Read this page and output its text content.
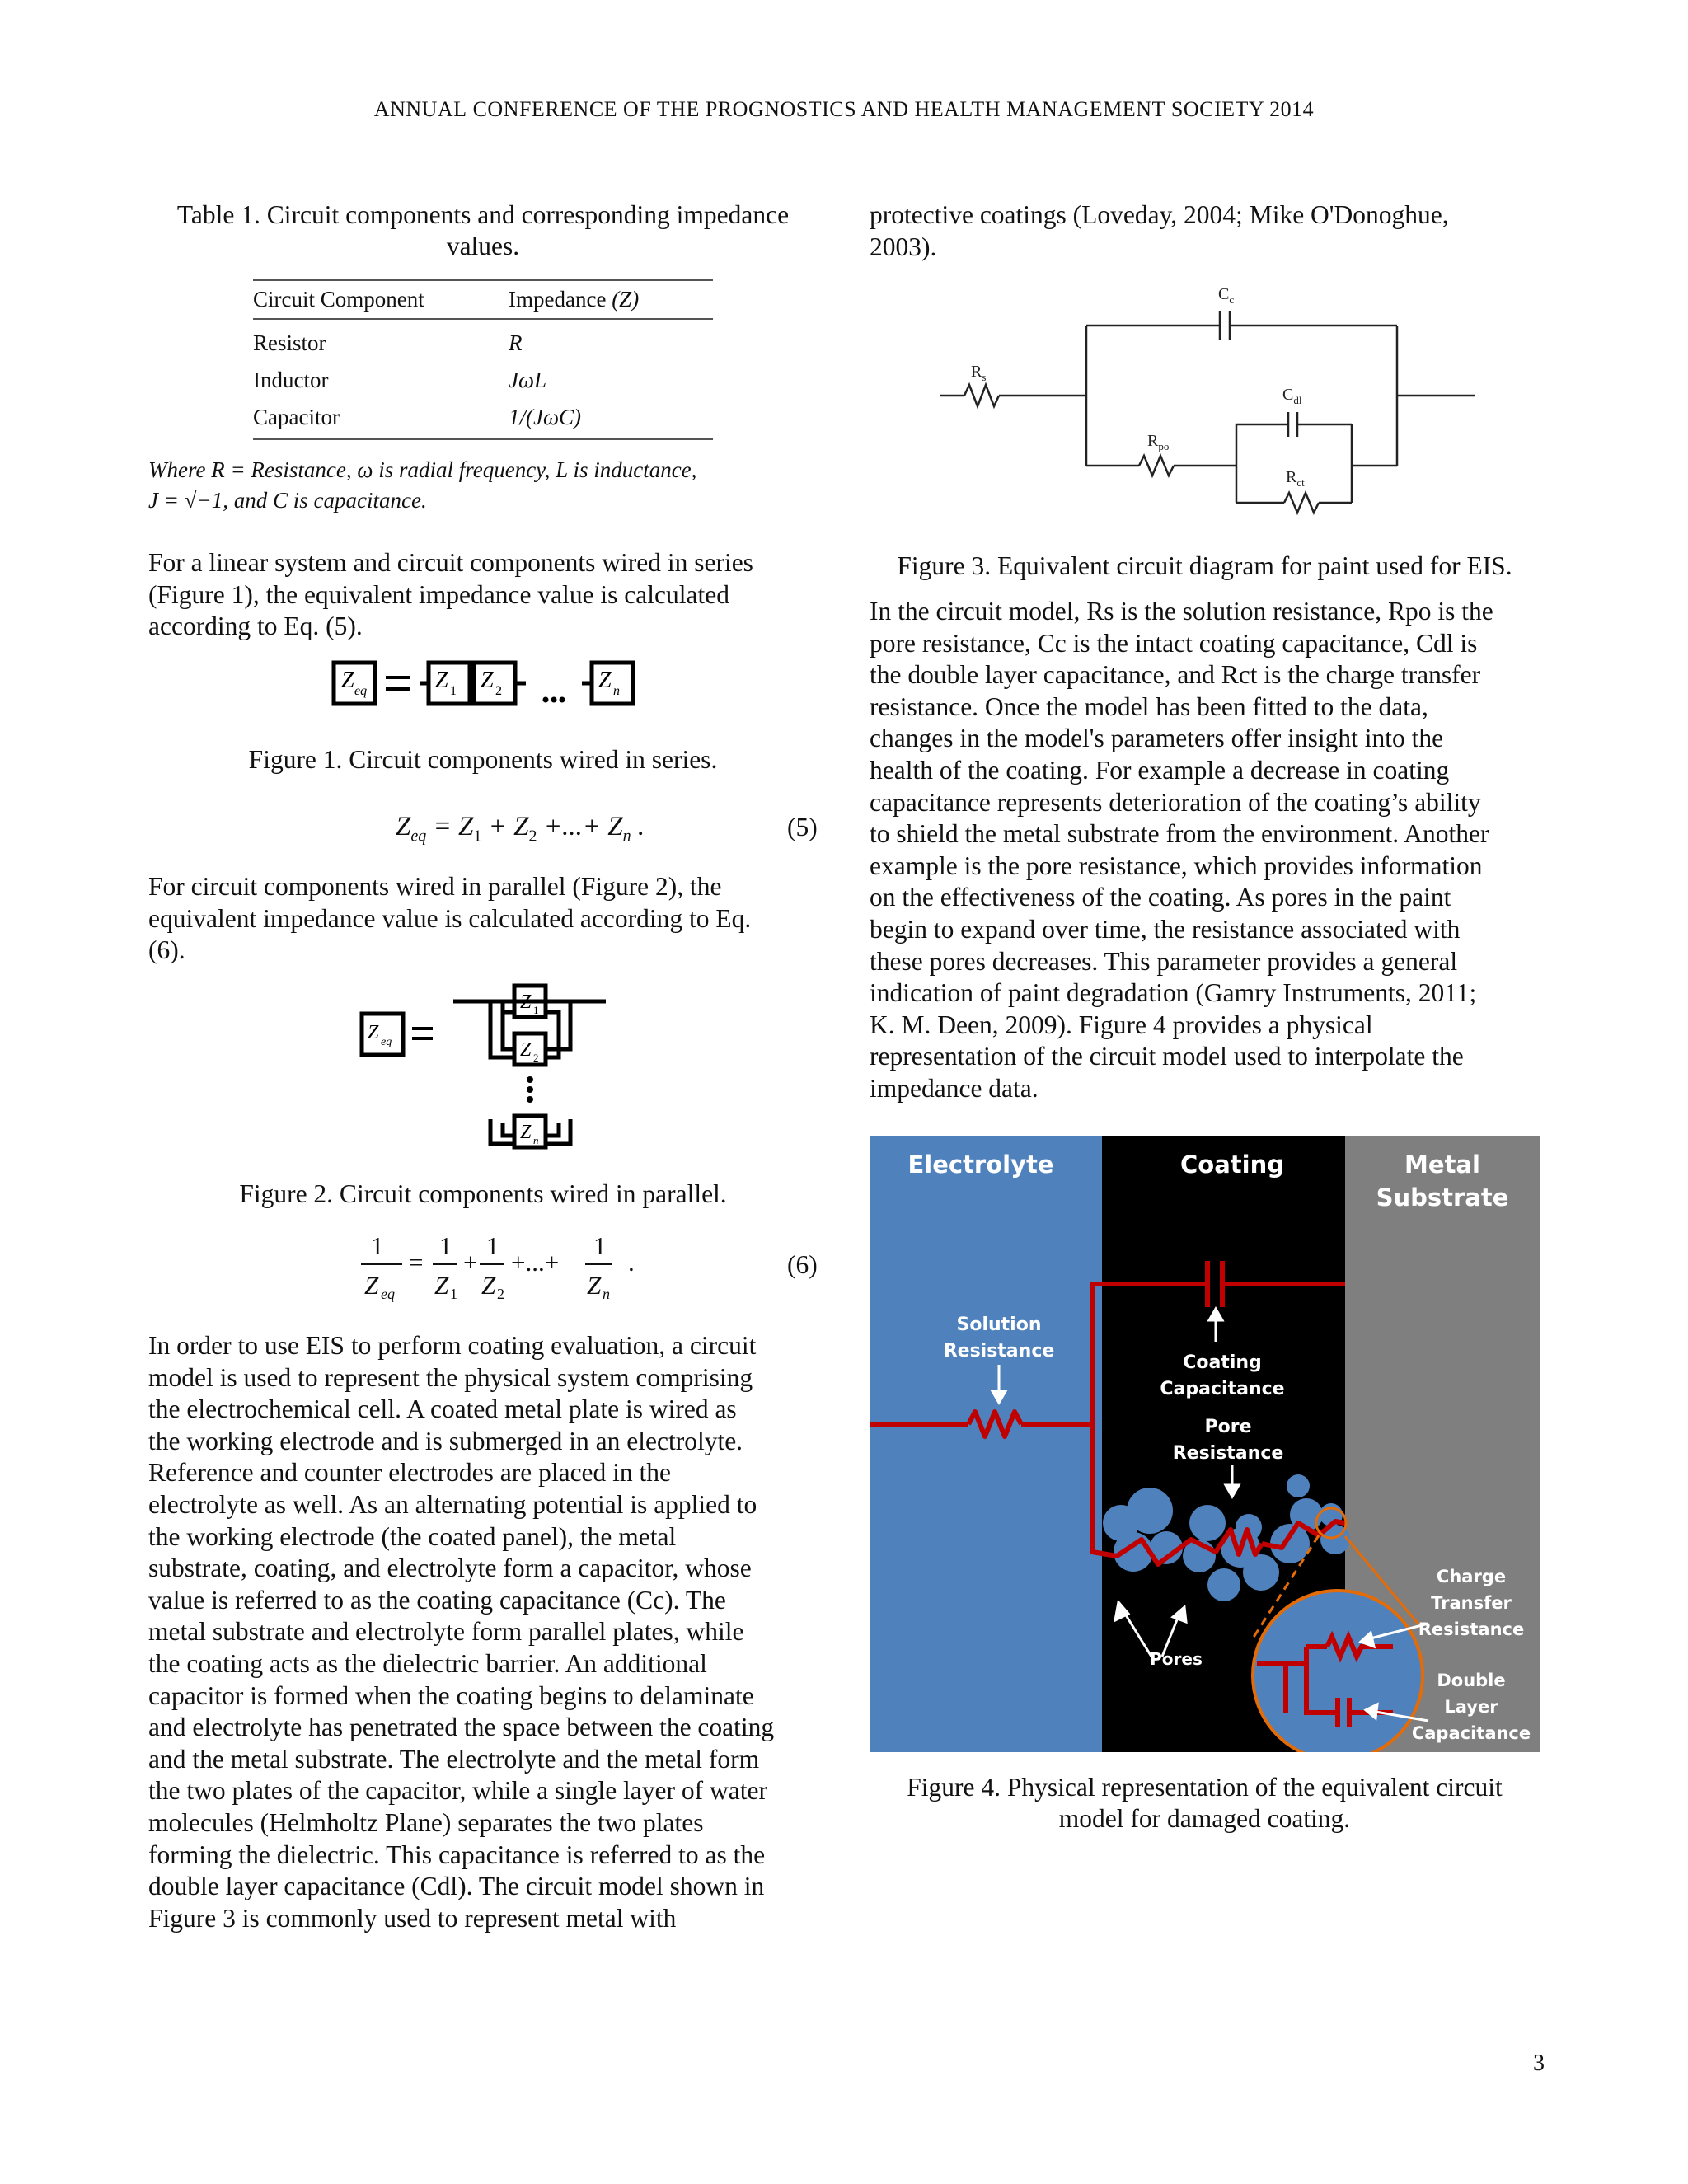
ANNUAL CONFERENCE OF THE PROGNOSTICS AND HEALTH MANAGEMENT SOCIETY 2014
Table 1. Circuit components and corresponding impedance
values.
Circuit Component	Impedance (Z)
Resistor	R
Inductor	JωL
Capacitor	1/(JωC)
Where R = Resistance, ω is radial frequency, L is inductance,
J = √−1, and C is capacitance.
For a linear system and circuit components wired in series
(Figure 1), the equivalent impedance value is calculated
according to Eq. (5).
Z eq	Z 1 Z 2	Z n
Figure 1. Circuit components wired in series.
$Z_{eq} = Z_1 + Z_2$ +...+ $Z_n$ .	(5)
For circuit components wired in parallel (Figure 2), the
equivalent impedance value is calculated according to Eq.
(6).
Z eq
Z 1
Z 2
Z n
Figure 2. Circuit components wired in parallel.
1
Z eq
=
1
Z 1
+
1
Z 2
+...+
1
Z n
.	(6)
In order to use EIS to perform coating evaluation, a circuit
model is used to represent the physical system comprising
the electrochemical cell. A coated metal plate is wired as
the working electrode and is submerged in an electrolyte.
Reference and counter electrodes are placed in the
electrolyte as well. As an alternating potential is applied to
the working electrode (the coated panel), the metal
substrate, coating, and electrolyte form a capacitor, whose
value is referred to as the coating capacitance (Cc). The
metal substrate and electrolyte form parallel plates, while
the coating acts as the dielectric barrier. An additional
capacitor is formed when the coating begins to delaminate
and electrolyte has penetrated the space between the coating
and the metal substrate. The electrolyte and the metal form
the two plates of the capacitor, while a single layer of water
molecules (Helmholtz Plane) separates the two plates
forming the dielectric. This capacitance is referred to as the
double layer capacitance (Cdl). The circuit model shown in
Figure 3 is commonly used to represent metal with
protective coatings (Loveday, 2004; Mike O'Donoghue,
2003).
$C_c$
$R_s$
$R_{po}$
$C_{dl}$
$R_{ct}$
Figure 3. Equivalent circuit diagram for paint used for EIS.
In the circuit model, Rs is the solution resistance, Rpo is the
pore resistance, Cc is the intact coating capacitance, Cdl is
the double layer capacitance, and Rct is the charge transfer
resistance. Once the model has been fitted to the data,
changes in the model's parameters offer insight into the
health of the coating. For example a decrease in coating
capacitance represents deterioration of the coating’s ability
to shield the metal substrate from the environment. Another
example is the pore resistance, which provides information
on the effectiveness of the coating. As pores in the paint
begin to expand over time, the resistance associated with
these pores decreases. This parameter provides a general
indication of paint degradation (Gamry Instruments, 2011;
K. M. Deen, 2009). Figure 4 provides a physical
representation of the circuit model used to interpolate the
impedance data.
Electrolyte	Coating	Metal
Substrate
Solution
Resistance
Coating
Capacitance
Pore
Resistance
Pores
Charge
Transfer
Resistance
Double
Layer
Capacitance
Figure 4. Physical representation of the equivalent circuit
model for damaged coating.
3
